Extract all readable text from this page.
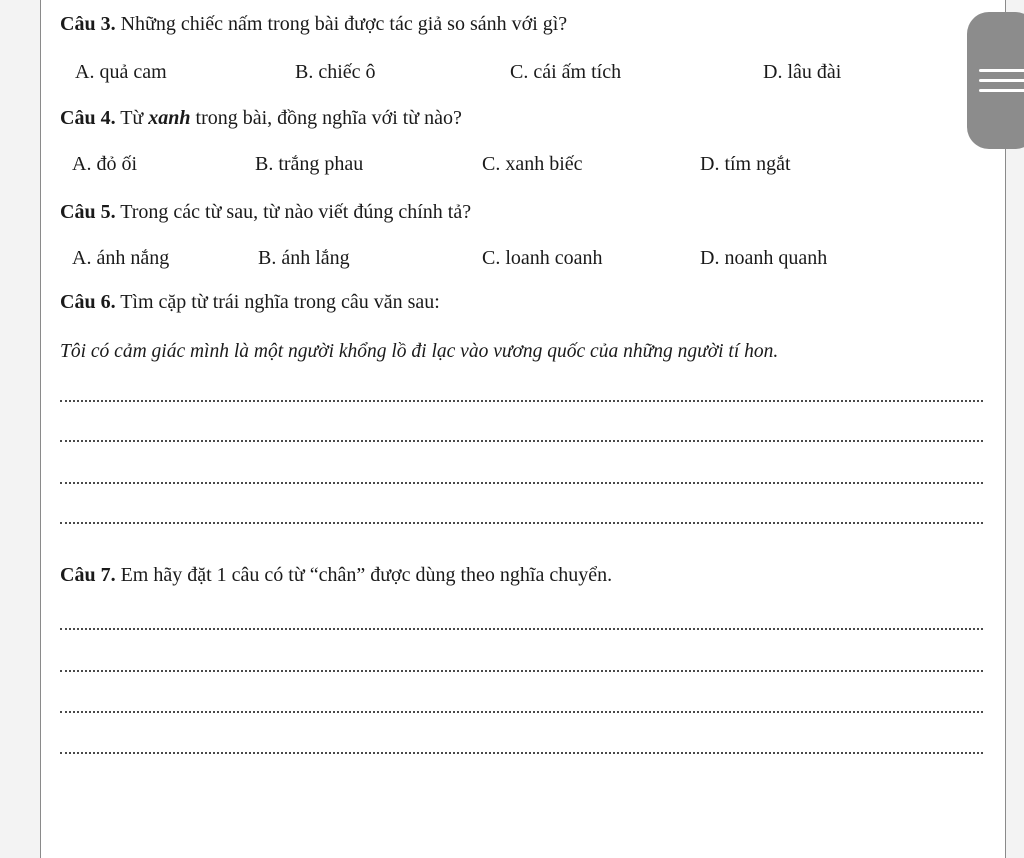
Câu 3. Những chiếc nấm trong bài được tác giả so sánh với gì?
A. quả cam	B. chiếc ô	C. cái ấm tích	D. lâu đài
Câu 4. Từ xanh trong bài, đồng nghĩa với từ nào?
A. đỏ ối	B. trắng phau	C. xanh biếc	D. tím ngắt
Câu 5. Trong các từ sau, từ nào viết đúng chính tả?
A. ánh nắng	B. ánh lắng	C. loanh coanh	D. noanh quanh
Câu 6. Tìm cặp từ trái nghĩa trong câu văn sau:
Tôi có cảm giác mình là một người khổng lồ đi lạc vào vương quốc của những người tí hon.
Câu 7. Em hãy đặt 1 câu có từ “chân” được dùng theo nghĩa chuyển.
